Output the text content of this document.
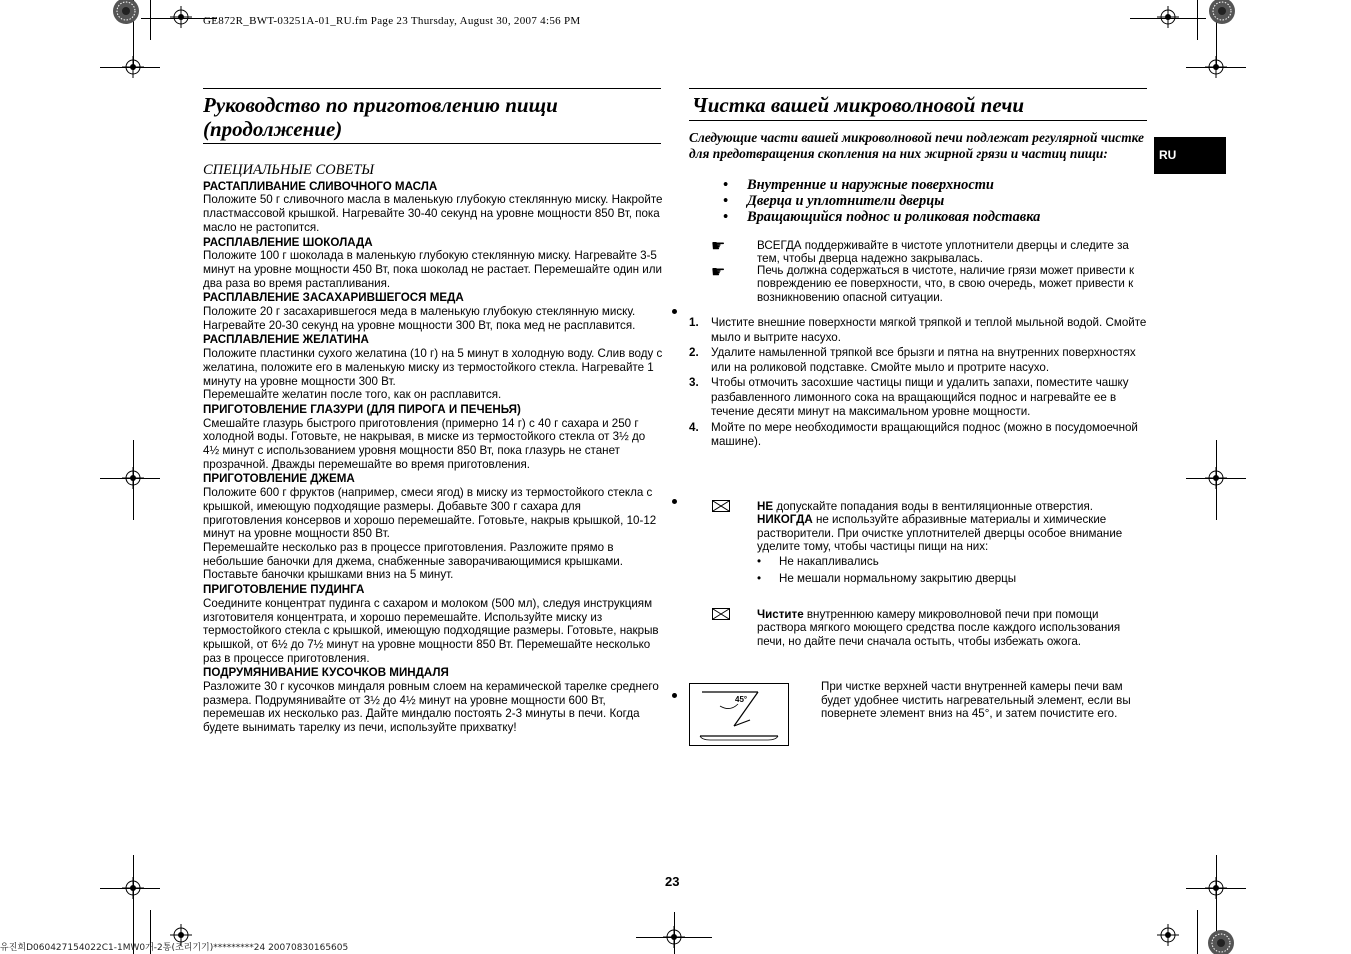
GE872R_BWT-03251A-01_RU.fm Page 23 Thursday, August 30, 2007 4:56 PM
Руководство по приготовлению пищи
(продолжение)
СПЕЦИАЛЬНЫЕ СОВЕТЫ
РАСТАПЛИВАНИЕ СЛИВОЧНОГО МАСЛА

Положите 50 г сливочного масла в маленькую глубокую стеклянную миску. Накройте пластмассовой крышкой. Нагревайте 30-40 секунд на уровне мощности 850 Вт, пока масло не растопится.

РАСПЛАВЛЕНИЕ ШОКОЛАДА

Положите 100 г шоколада в маленькую глубокую стеклянную миску. Нагревайте 3-5 минут на уровне мощности 450 Вт, пока шоколад не растает. Перемешайте один или два раза во время растапливания.

РАСПЛАВЛЕНИЕ ЗАСАХАРИВШЕГОСЯ МЕДА

Положите 20 г засахарившегося меда в маленькую глубокую стеклянную миску. Нагревайте 20-30 секунд на уровне мощности 300 Вт, пока мед не расплавится.

РАСПЛАВЛЕНИЕ ЖЕЛАТИНА

Положите пластинки сухого желатина (10 г) на 5 минут в холодную воду. Слив воду с желатина, положите его в маленькую миску из термостойкого стекла. Нагревайте 1 минуту на уровне мощности 300 Вт.

Перемешайте желатин после того, как он расплавится.

ПРИГОТОВЛЕНИЕ ГЛАЗУРИ (ДЛЯ ПИРОГА И ПЕЧЕНЬЯ)

Смешайте глазурь быстрого приготовления (примерно 14 г) с 40 г сахара и 250 г холодной воды. Готовьте, не накрывая, в миске из термостойкого стекла от 3½ до 4½ минут с использованием уровня мощности 850 Вт, пока глазурь не станет прозрачной. Дважды перемешайте во время приготовления.

ПРИГОТОВЛЕНИЕ ДЖЕМА

Положите 600 г фруктов (например, смеси ягод) в миску из термостойкого стекла с крышкой, имеющую подходящие размеры. Добавьте 300 г сахара для приготовления консервов и хорошо перемешайте. Готовьте, накрыв крышкой, 10-12 минут на уровне мощности 850 Вт.

Перемешайте несколько раз в процессе приготовления. Разложите прямо в небольшие баночки для джема, снабженные заворачивающимися крышками. Поставьте баночки крышками вниз на 5 минут.

ПРИГОТОВЛЕНИЕ ПУДИНГА

Соедините концентрат пудинга с сахаром и молоком (500 мл), следуя инструкциям изготовителя концентрата, и хорошо перемешайте. Используйте миску из термостойкого стекла с крышкой, имеющую подходящие размеры. Готовьте, накрыв крышкой, от 6½ до 7½ минут на уровне мощности 850 Вт. Перемешайте несколько раз в процессе приготовления.

ПОДРУМЯНИВАНИЕ КУСОЧКОВ МИНДАЛЯ

Разложите 30 г кусочков миндаля ровным слоем на керамической тарелке среднего размера. Подрумянивайте от 3½ до 4½ минут на уровне мощности 600 Вт, перемешав их несколько раз. Дайте миндалю постоять 2-3 минуты в печи. Когда будете вынимать тарелку из печи, используйте прихватку!

Чистка вашей микроволновой печи
RU
Следующие части вашей микроволновой печи подлежат регулярной чистке для предотвращения скопления на них жирной грязи и частиц пищи:
• Внутренние и наружные поверхности
• Дверца и уплотнители дверцы
• Вращающийся поднос и роликовая подставка
☛	ВСЕГДА поддерживайте в чистоте уплотнители дверцы и следите за тем, чтобы дверца надежно закрывалась.
☛	Печь должна содержаться в чистоте, наличие грязи может привести к повреждению ее поверхности, что, в свою очередь, может привести к возникновению опасной ситуации.
1.	Чистите внешние поверхности мягкой тряпкой и теплой мыльной водой. Смойте мыло и вытрите насухо.
2.	Удалите намыленной тряпкой все брызги и пятна на внутренних поверхностях или на роликовой подставке. Смойте мыло и протрите насухо.
3.	Чтобы отмочить засохшие частицы пищи и удалить запахи, поместите чашку разбавленного лимонного сока на вращающийся поднос и нагревайте ее в течение десяти минут на максимальном уровне мощности.
4.	Мойте по мере необходимости вращающийся поднос (можно в посудомоечной машине).
НЕ допускайте попадания воды в вентиляционные отверстия.
НИКОГДА не используйте абразивные материалы и химические растворители. При очистке уплотнителей дверцы особое внимание уделите тому, чтобы частицы пищи на них:
• Не накапливались
• Не мешали нормальному закрытию дверцы
Чистите внутреннюю камеру микроволновой печи при помощи раствора мягкого моющего средства после каждого использования печи, но дайте печи сначала остыть, чтобы избежать ожога.
45°
При чистке верхней части внутренней камеры печи вам будет удобнее чистить нагревательный элемент, если вы повернете элемент вниз на 45°, и затем почистите его.
23
유진희D060427154022C1-1MW0개-2통(조리기기)*********24 20070830165605
